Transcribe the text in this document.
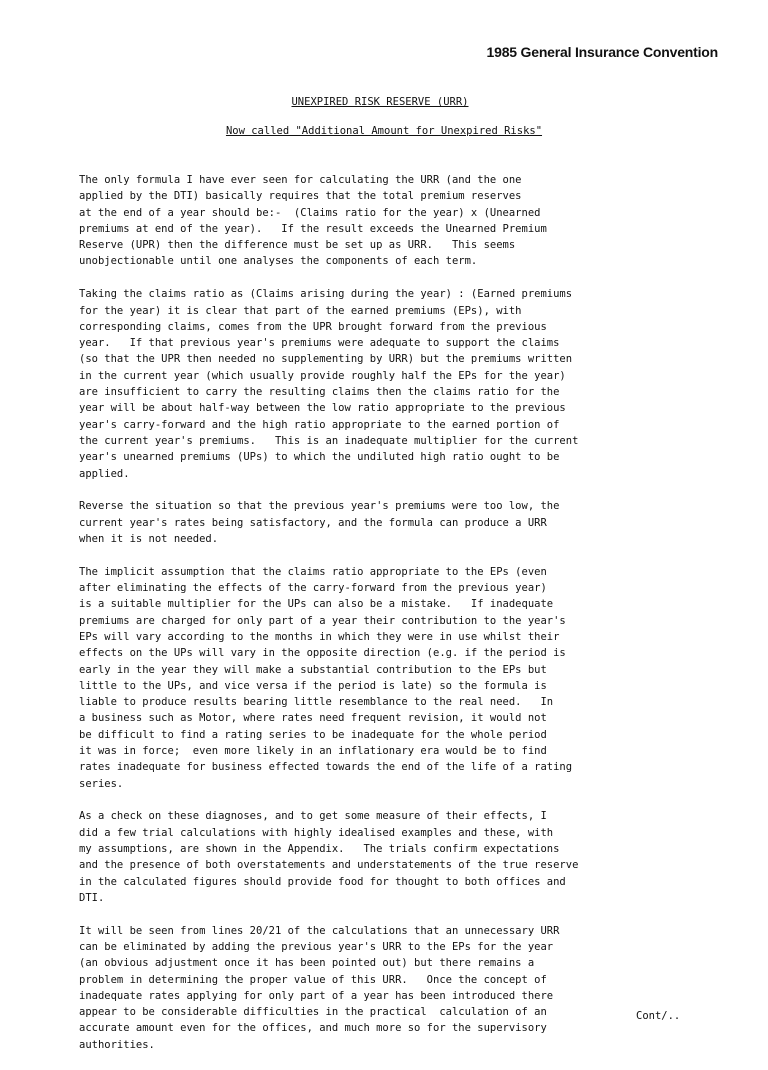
1985 General Insurance Convention
UNEXPIRED RISK RESERVE (URR)
Now called "Additional Amount for Unexpired Risks"
The only formula I have ever seen for calculating the URR (and the one
applied by the DTI) basically requires that the total premium reserves
at the end of a year should be:-  (Claims ratio for the year) x (Unearned
premiums at end of the year).   If the result exceeds the Unearned Premium
Reserve (UPR) then the difference must be set up as URR.   This seems
unobjectionable until one analyses the components of each term.
Taking the claims ratio as (Claims arising during the year) : (Earned premiums
for the year) it is clear that part of the earned premiums (EPs), with
corresponding claims, comes from the UPR brought forward from the previous
year.   If that previous year's premiums were adequate to support the claims
(so that the UPR then needed no supplementing by URR) but the premiums written
in the current year (which usually provide roughly half the EPs for the year)
are insufficient to carry the resulting claims then the claims ratio for the
year will be about half-way between the low ratio appropriate to the previous
year's carry-forward and the high ratio appropriate to the earned portion of
the current year's premiums.   This is an inadequate multiplier for the current
year's unearned premiums (UPs) to which the undiluted high ratio ought to be
applied.
Reverse the situation so that the previous year's premiums were too low, the
current year's rates being satisfactory, and the formula can produce a URR
when it is not needed.
The implicit assumption that the claims ratio appropriate to the EPs (even
after eliminating the effects of the carry-forward from the previous year)
is a suitable multiplier for the UPs can also be a mistake.   If inadequate
premiums are charged for only part of a year their contribution to the year's
EPs will vary according to the months in which they were in use whilst their
effects on the UPs will vary in the opposite direction (e.g. if the period is
early in the year they will make a substantial contribution to the EPs but
little to the UPs, and vice versa if the period is late) so the formula is
liable to produce results bearing little resemblance to the real need.   In
a business such as Motor, where rates need frequent revision, it would not
be difficult to find a rating series to be inadequate for the whole period
it was in force;  even more likely in an inflationary era would be to find
rates inadequate for business effected towards the end of the life of a rating
series.
As a check on these diagnoses, and to get some measure of their effects, I
did a few trial calculations with highly idealised examples and these, with
my assumptions, are shown in the Appendix.   The trials confirm expectations
and the presence of both overstatements and understatements of the true reserve
in the calculated figures should provide food for thought to both offices and
DTI.
It will be seen from lines 20/21 of the calculations that an unnecessary URR
can be eliminated by adding the previous year's URR to the EPs for the year
(an obvious adjustment once it has been pointed out) but there remains a
problem in determining the proper value of this URR.   Once the concept of
inadequate rates applying for only part of a year has been introduced there
appear to be considerable difficulties in the practical  calculation of an
accurate amount even for the offices, and much more so for the supervisory
authorities.
Cont/..
